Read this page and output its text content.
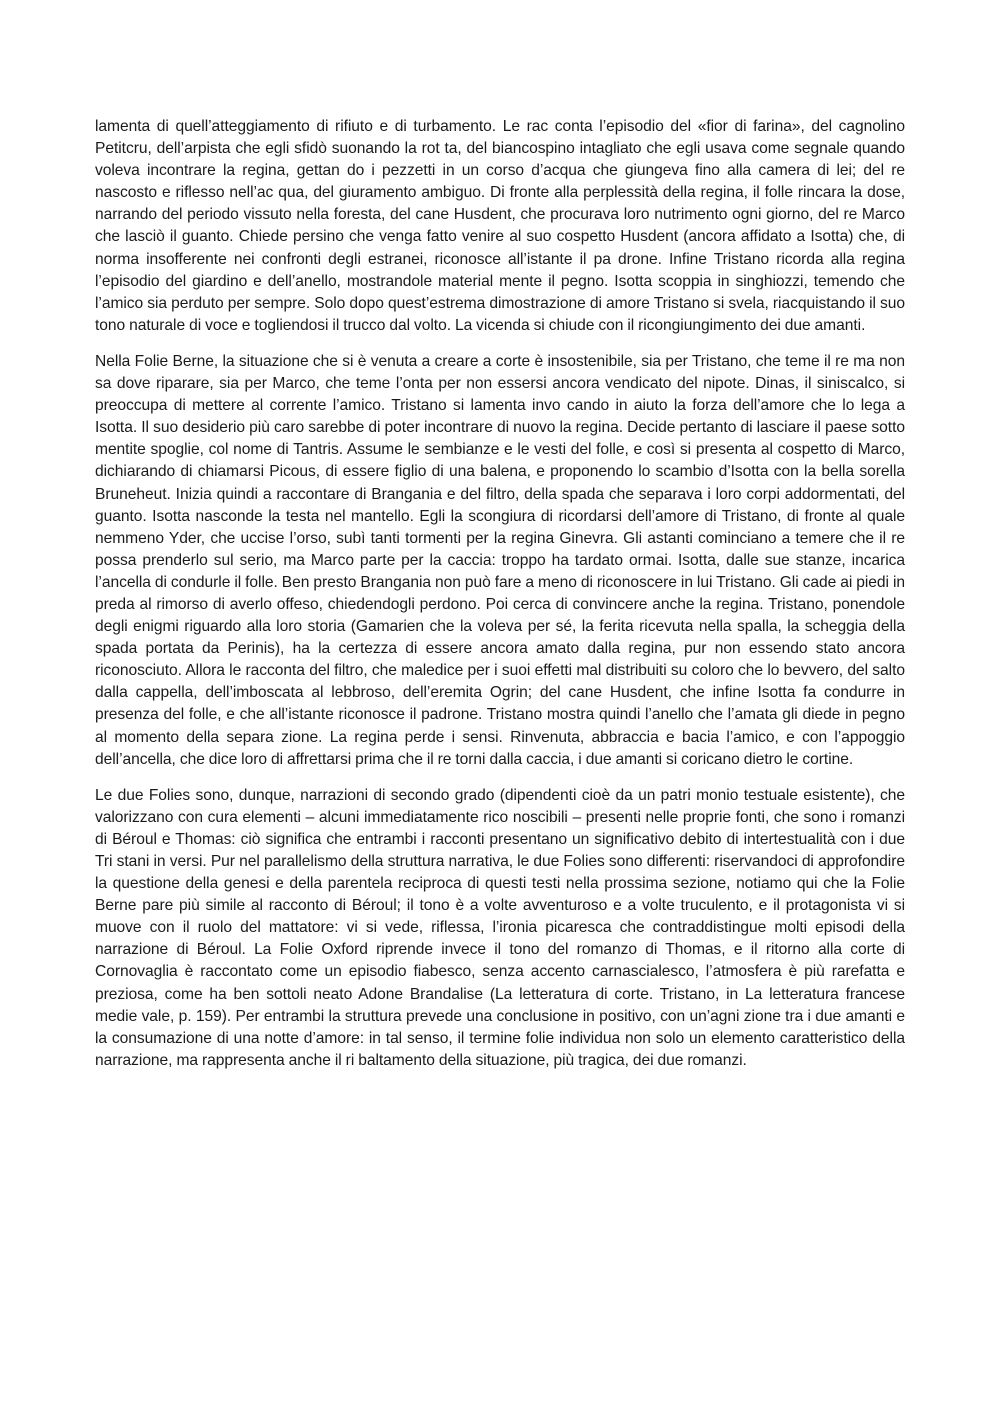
lamenta di quell’atteggiamento di rifiuto e di turbamento. Le rac conta l’episodio del «fior di farina», del cagnolino Petitcru, dell’arpista che egli sfidò suonando la rot ta, del biancospino intagliato che egli usava come segnale quando voleva incontrare la regina, gettan do i pezzetti in un corso d’acqua che giungeva fino alla camera di lei; del re nascosto e riflesso nell’ac qua, del giuramento ambiguo. Di fronte alla perplessità della regina, il folle rincara la dose, narrando del periodo vissuto nella foresta, del cane Husdent, che procurava loro nutrimento ogni giorno, del re Marco che lasciò il guanto. Chiede persino che venga fatto venire al suo cospetto Husdent (ancora affidato a Isotta) che, di norma insofferente nei confronti degli estranei, riconosce all’istante il pa drone. Infine Tristano ricorda alla regina l’episodio del giardino e dell’anello, mostrandole material mente il pegno. Isotta scoppia in singhiozzi, temendo che l’amico sia perduto per sempre. Solo dopo quest’estrema dimostrazione di amore Tristano si svela, riacquistando il suo tono naturale di voce e togliendosi il trucco dal volto. La vicenda si chiude con il ricongiungimento dei due amanti.

Nella Folie Berne, la situazione che si è venuta a creare a corte è insostenibile, sia per Tristano, che teme il re ma non sa dove riparare, sia per Marco, che teme l’onta per non essersi ancora vendicato del nipote. Dinas, il siniscalco, si preoccupa di mettere al corrente l’amico. Tristano si lamenta invo cando in aiuto la forza dell’amore che lo lega a Isotta. Il suo desiderio più caro sarebbe di poter incontrare di nuovo la regina. Decide pertanto di lasciare il paese sotto mentite spoglie, col nome di Tantris. Assume le sembianze e le vesti del folle, e così si presenta al cospetto di Marco, dichiarando di chiamarsi Picous, di essere figlio di una balena, e proponendo lo scambio d’Isotta con la bella sorella Bruneheut. Inizia quindi a raccontare di Brangania e del filtro, della spada che separava i loro corpi addormentati, del guanto. Isotta nasconde la testa nel mantello. Egli la scongiura di ricordarsi dell’amore di Tristano, di fronte al quale nemmeno Yder, che uccise l’orso, subì tanti tormenti per la regina Ginevra. Gli astanti cominciano a temere che il re possa prenderlo sul serio, ma Marco parte per la caccia: troppo ha tardato ormai. Isotta, dalle sue stanze, incarica l’ancella di condurle il folle. Ben presto Brangania non può fare a meno di riconoscere in lui Tristano. Gli cade ai piedi in preda al rimorso di averlo offeso, chiedendogli perdono. Poi cerca di convincere anche la regina. Tristano, ponendole degli enigmi riguardo alla loro storia (Gamarien che la voleva per sé, la ferita ricevuta nella spalla, la scheggia della spada portata da Perinis), ha la certezza di essere ancora amato dalla regina, pur non essendo stato ancora riconosciuto. Allora le racconta del filtro, che maledice per i suoi effetti mal distribuiti su coloro che lo bevvero, del salto dalla cappella, dell’imboscata al lebbroso, dell’eremita Ogrin; del cane Husdent, che infine Isotta fa condurre in presenza del folle, e che all’istante riconosce il padrone. Tristano mostra quindi l’anello che l’amata gli diede in pegno al momento della separa zione. La regina perde i sensi. Rinvenuta, abbraccia e bacia l’amico, e con l’appoggio dell’ancella, che dice loro di affrettarsi prima che il re torni dalla caccia, i due amanti si coricano dietro le cortine.

Le due Folies sono, dunque, narrazioni di secondo grado (dipendenti cioè da un patri monio testuale esistente), che valorizzano con cura elementi – alcuni immediatamente rico noscibili – presenti nelle proprie fonti, che sono i romanzi di Béroul e Thomas: ciò significa che entrambi i racconti presentano un significativo debito di intertestualità con i due Tri stani in versi. Pur nel parallelismo della struttura narrativa, le due Folies sono differenti: riservandoci di approfondire la questione della genesi e della parentela reciproca di questi testi nella prossima sezione, notiamo qui che la Folie Berne pare più simile al racconto di Béroul; il tono è a volte avventuroso e a volte truculento, e il protagonista vi si muove con il ruolo del mattatore: vi si vede, riflessa, l’ironia picaresca che contraddistingue molti episodi della narrazione di Béroul. La Folie Oxford riprende invece il tono del romanzo di Thomas, e il ritorno alla corte di Cornovaglia è raccontato come un episodio fiabesco, senza accento carnascialesco, l’atmosfera è più rarefatta e preziosa, come ha ben sottoli neato Adone Brandalise (La letteratura di corte. Tristano, in La letteratura francese medie vale, p. 159). Per entrambi la struttura prevede una conclusione in positivo, con un’agni zione tra i due amanti e la consumazione di una notte d’amore: in tal senso, il termine folie individua non solo un elemento caratteristico della narrazione, ma rappresenta anche il ri baltamento della situazione, più tragica, dei due romanzi.
